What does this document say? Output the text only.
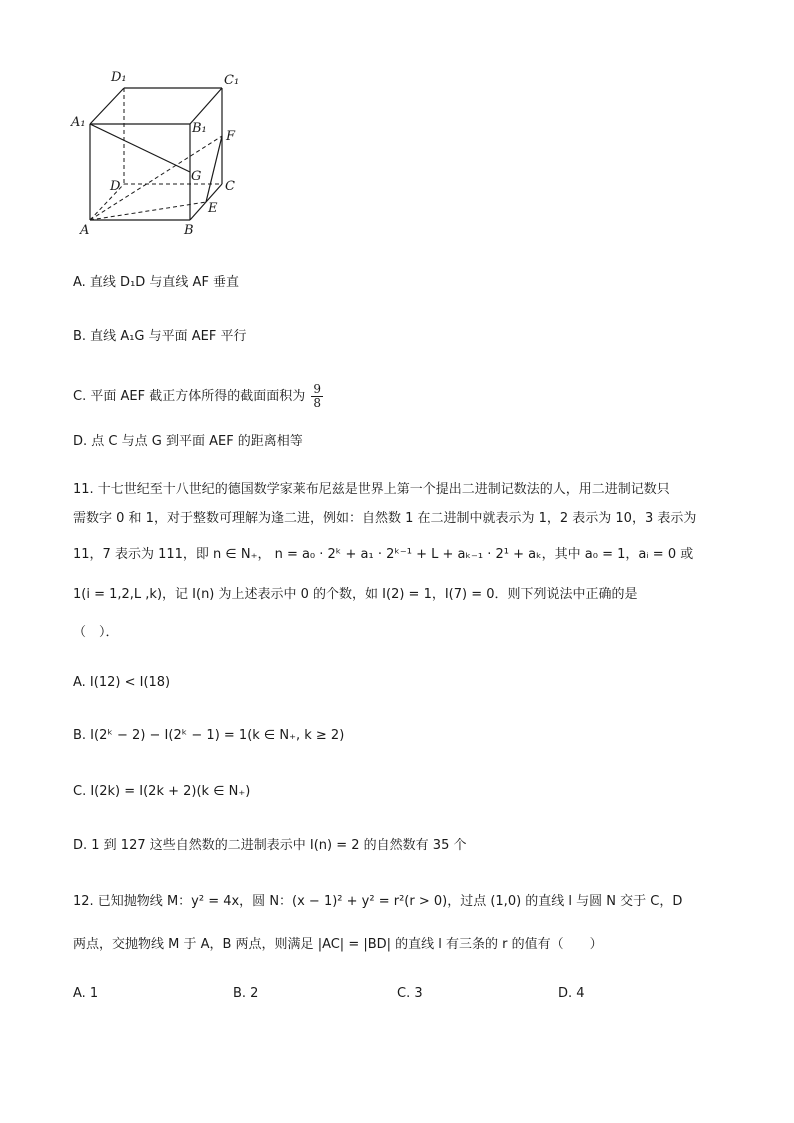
D₁	C₁
A₁	B₁
F
G
D	C
E
A	B
A. 直线 D₁D 与直线 AF 垂直
B. 直线 A₁G 与平面 AEF 平行
C. 平面 AEF 截正方体所得的截面面积为 $\frac{9}{8}$
D. 点 C 与点 G 到平面 AEF 的距离相等
11. 十七世纪至十八世纪的德国数学家莱布尼兹是世界上第一个提出二进制记数法的人，用二进制记数只
需数字 0 和 1，对于整数可理解为逢二进，例如：自然数 1 在二进制中就表示为 1，2 表示为 10，3 表示为
11，7 表示为 111，即 n ∈ N₊， n = a₀ · 2ᵏ + a₁ · 2ᵏ⁻¹ + L + aₖ₋₁ · 2¹ + aₖ，其中 a₀ = 1，aᵢ = 0 或
1(i = 1,2,L ,k)，记 I(n) 为上述表示中 0 的个数，如 I(2) = 1，I(7) = 0．则下列说法中正确的是
（　）．
A. I(12) < I(18)
B. I(2ᵏ − 2) − I(2ᵏ − 1) = 1(k ∈ N₊, k ≥ 2)
C. I(2k) = I(2k + 2)(k ∈ N₊)
D. 1 到 127 这些自然数的二进制表示中 I(n) = 2 的自然数有 35 个
12. 已知抛物线 M：y² = 4x，圆 N：(x − 1)² + y² = r²(r > 0)，过点 (1,0) 的直线 l 与圆 N 交于 C，D
两点，交抛物线 M 于 A，B 两点，则满足 |AC| = |BD| 的直线 l 有三条的 r 的值有（　　）
A. 1	B. 2	C. 3	D. 4
